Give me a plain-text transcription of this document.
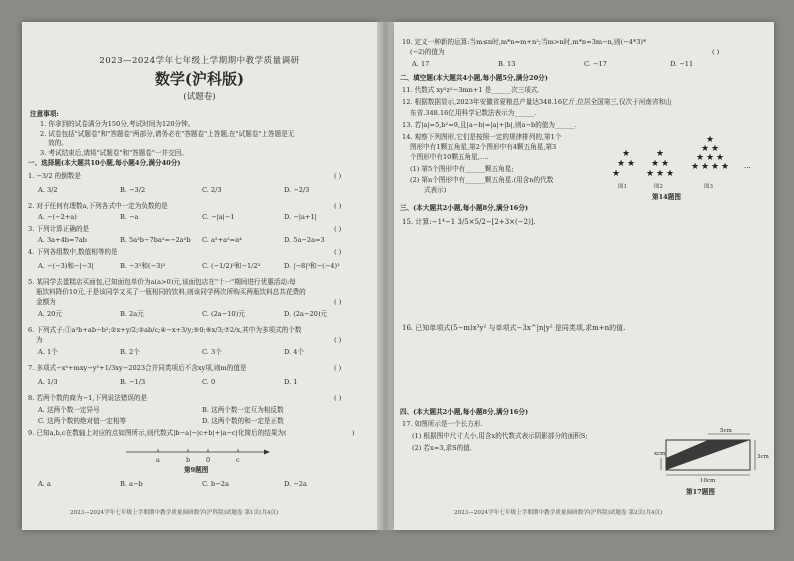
2023—2024学年七年级上学期期中教学质量调研
数学(沪科版)
(试题卷)
注意事项:
1. 你拿到的试卷满分为150分,考试时间为120分钟。
2. 试卷包括"试题卷"和"答题卷"两部分,请务必在"答题卷"上答题,在"试题卷"上答题是无
效的。
3. 考试结束后,请将"试题卷"和"答题卷"一并交回。
一、选择题(本大题共10小题,每小题4分,满分40分)
1. −3/2 的倒数是	( )
A. 3/2	B. −3/2	C. 2/3	D. −2/3
2. 对于任何有理数a,下列各式中一定为负数的是	( )
A. −(−2+a)	B. −a	C. −|a|−1	D. −|a+1|
3. 下列计算正确的是	( )
A. 3a+4b=7ab	B. 5a²b−7ba²=−2a²b C. a²+a²=a⁴	D. 5a−2a=3
4. 下列各组数中,数值相等的是	( )
A. −(−3)和−|−3|	B. −3²和(−3)²	C. (−1/2)³和−1/2³	D. |−8|³和−(−4)³
5. 某同学去蛋糕店买面包,已知面包单价为a(a>0)元,该面包店在"十一"期间进行优惠活动:每
瓶饮料降价10元,于是该同学又买了一瓶相同的饮料,则该同学两次所购买两瓶饮料总共花费的
金额为	( )
A. 20元	B. 2a元	C. (2a−10)元	D. (2a−20)元
6. 下列式子:①a²b+ab−b²;②x+y/2;③ab/c;④−x+3/y;⑤0;⑥x/3;⑦2/x,其中为多项式的个数
为	( )
A. 1个	B. 2个	C. 3个	D. 4个
7. 多项式−x²+mxy−y²+1/3xy−2023合并同类项后不含xy项,则m的值是	( )
A. 1/3	B. −1/3	C. 0	D. 1
8. 若两个数的商为−1,下列说法错误的是	( )
A. 这两个数一定异号	B. 这两个数一定互为相反数
C. 这两个数的绝对值一定相等	D. 这两个数的和一定是正数
9. 已知a,b,c在数轴上对应的点如图所示,则代数式|b−a|−|c+b|+|a−c|化简后的结果为(	)
a	b 0	c
第9题图
A. a	B. a−b	C. b−2a	D. −2a
2023—2024学年七年级上学期期中教学质量调研数学(沪科版)试题卷 第1页(共4页)
10. 定义一种新的运算:当m≤n时,m*n=m+n²;当m>n时,m*n=3m−n,则(−4*3)*
(−2)的值为	( )
A. 17	B. 13	C. −17	D. −11
二、填空题(本大题共4小题,每小题5分,满分20分)
11. 代数式 xy²z²−3mn+1 是______次三项式.
12. 根据数据显示,2023年安徽省夏粮总产量达348.16亿斤,位居全国第三,仅次于河南省和山
东省.348.16亿用科学记数法表示为______.
13. 若|a|=5,b²=9,且|a−b|=|a|+|b|,则a−b的值为______.
14. 观察下列图形,它们是按照一定的规律排列的,第1个
图形中有1颗五角星,第2个图形中有4颗五角星,第3
个图形中有10颗五角星,….
(1) 第5个图形中有______颗五角星;
(2) 第n个图形中有______颗五角星.(用含n的代数
式表示)
★
★ ★
★
★
★ ★
★ ★ ★
★
★ ★
★ ★ ★
★ ★ ★ ★ ...
图1	图2	图3
第14题图
三、(本大题共2小题,每小题8分,满分16分)
15. 计算:−1⁴−1 3/5×5/2−[2+3×(−2)].
16. 已知单项式(5−m)x³y² 与单项式−3x^|n|y² 是同类项,求m+n的值.
四、(本大题共2小题,每小题8分,满分16分)
17. 如图所示是一个长方形.
(1) 根据图中尺寸大小,用含x的代数式表示阴影部分的面积S;
(2) 若x=3,求S的值.
5cm
xcm	3cm
10cm
第17题图
2023—2024学年七年级上学期期中教学质量调研数学(沪科版)试题卷 第2页(共4页)
